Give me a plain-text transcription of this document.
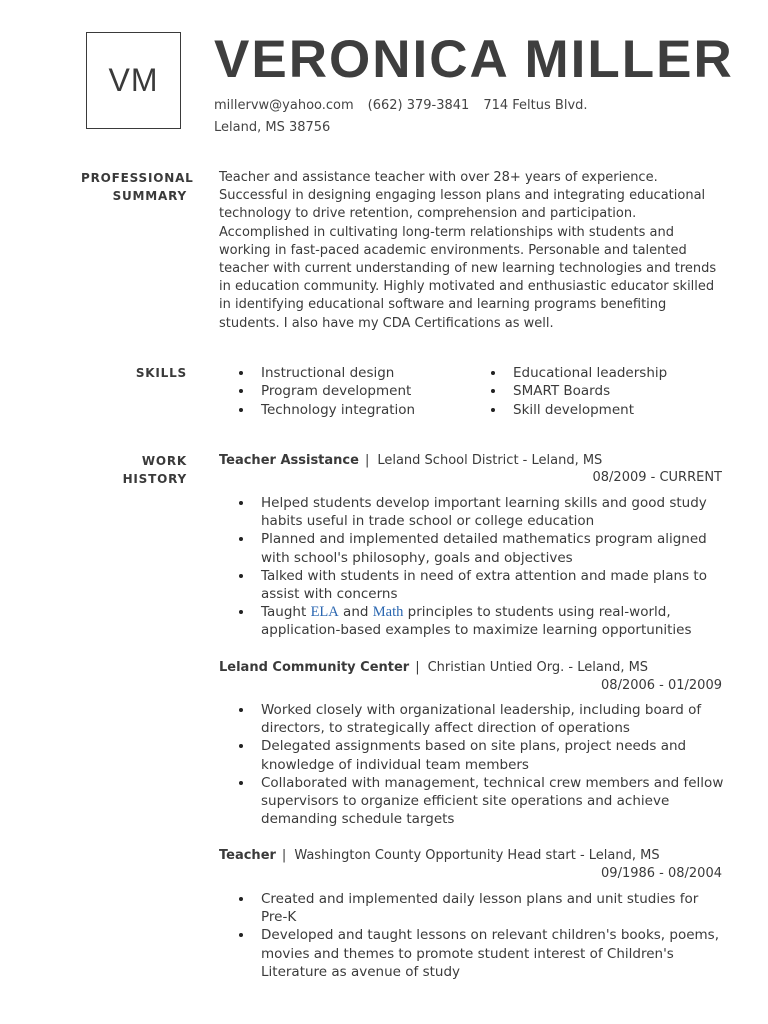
VM	VERONICA MILLER
millervw@yahoo.com (662) 379-3841 714 Feltus Blvd.
Leland, MS 38756
PROFESSIONAL
SUMMARY

Teacher and assistance teacher with over 28+ years of experience. Successful in designing engaging lesson plans and integrating educational technology to drive retention, comprehension and participation. Accomplished in cultivating long-term relationships with students and working in fast-paced academic environments. Personable and talented teacher with current understanding of new learning technologies and trends in education community. Highly motivated and enthusiastic educator skilled in identifying educational software and learning programs benefiting students. I also have my CDA Certifications as well.

SKILLS	Instructional design
Program development
Technology integration
Educational leadership
SMART Boards
Skill development
WORK HISTORY
Teacher Assistance | Leland School District - Leland, MS
08/2009 - CURRENT
Helped students develop important learning skills and good study habits useful in trade school or college education
Planned and implemented detailed mathematics program aligned with school's philosophy, goals and objectives
Talked with students in need of extra attention and made plans to assist with concerns
Taught ELA and Math principles to students using real-world, application-based examples to maximize learning opportunities
Leland Community Center | Christian Untied Org. - Leland, MS
08/2006 - 01/2009
Worked closely with organizational leadership, including board of directors, to strategically affect direction of operations
Delegated assignments based on site plans, project needs and knowledge of individual team members
Collaborated with management, technical crew members and fellow supervisors to organize efficient site operations and achieve demanding schedule targets
Teacher | Washington County Opportunity Head start - Leland, MS
09/1986 - 08/2004
Created and implemented daily lesson plans and unit studies for Pre-K
Developed and taught lessons on relevant children's books, poems, movies and themes to promote student interest of Children's Literature as avenue of study
